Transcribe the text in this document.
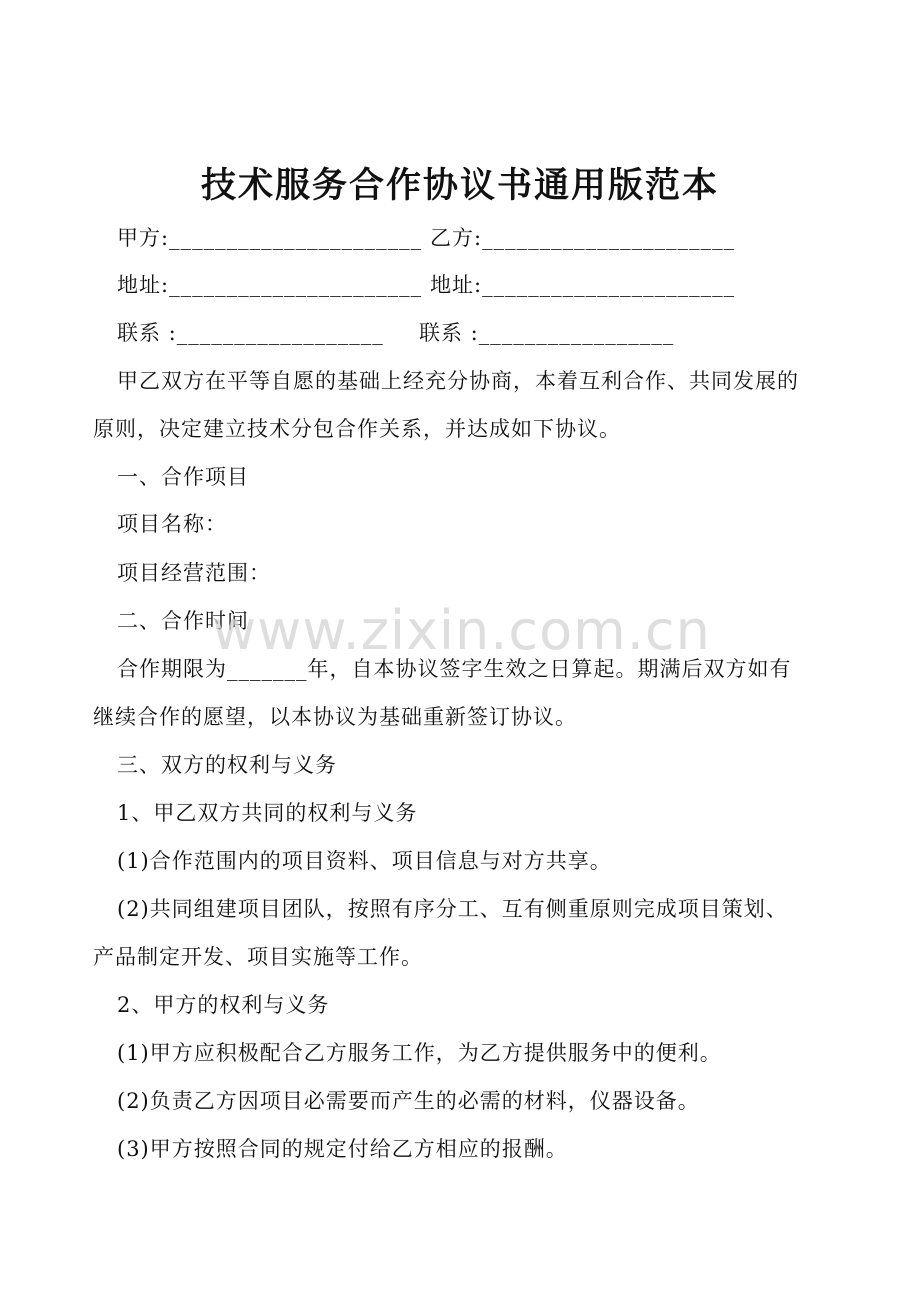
技术服务合作协议书通用版范本
甲方:______________________ 乙方:______________________
地址:______________________ 地址:______________________
联系 :__________________ 联系 :_________________
甲乙双方在平等自愿的基础上经充分协商，本着互利合作、共同发展的
原则，决定建立技术分包合作关系，并达成如下协议。
一、合作项目
项目名称：
项目经营范围：
二、合作时间
合作期限为_______年，自本协议签字生效之日算起。期满后双方如有
继续合作的愿望，以本协议为基础重新签订协议。
三、双方的权利与义务
1、甲乙双方共同的权利与义务
(1)合作范围内的项目资料、项目信息与对方共享。
(2)共同组建项目团队，按照有序分工、互有侧重原则完成项目策划、
产品制定开发、项目实施等工作。
2、甲方的权利与义务
(1)甲方应积极配合乙方服务工作，为乙方提供服务中的便利。
(2)负责乙方因项目必需要而产生的必需的材料，仪器设备。
(3)甲方按照合同的规定付给乙方相应的报酬。
www.zixin.com.cn
